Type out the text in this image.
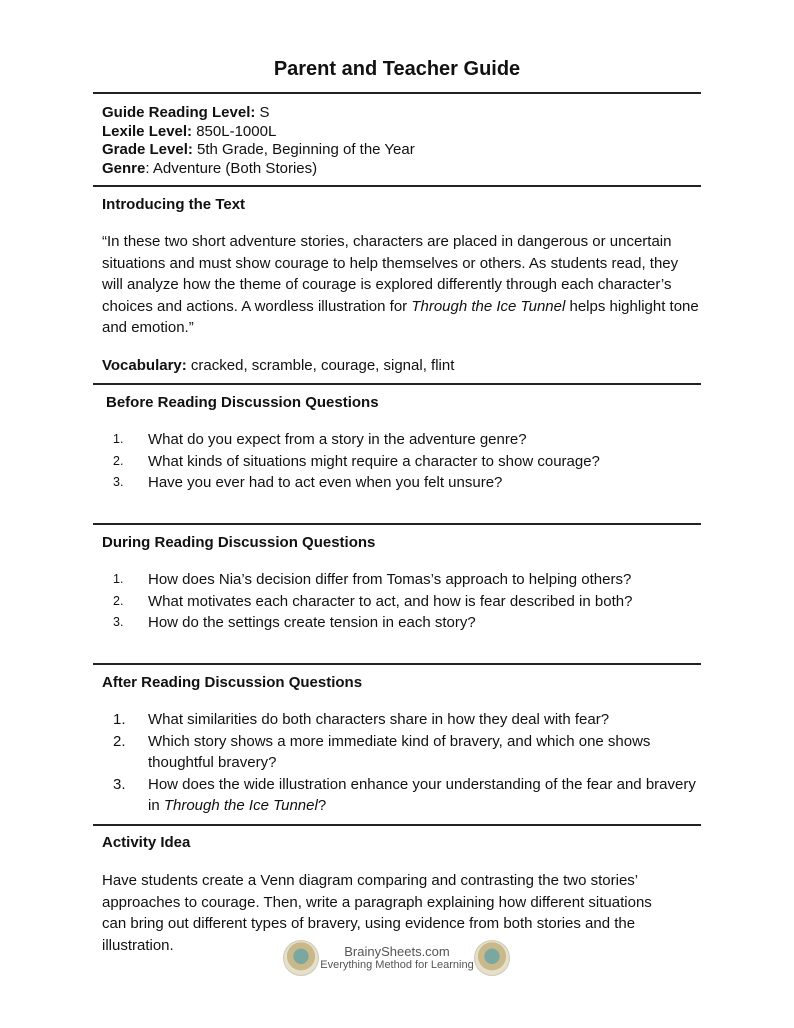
Parent and Teacher Guide
Guide Reading Level: S
Lexile Level: 850L-1000L
Grade Level: 5th Grade, Beginning of the Year
Genre: Adventure (Both Stories)
Introducing the Text
“In these two short adventure stories, characters are placed in dangerous or uncertain situations and must show courage to help themselves or others. As students read, they will analyze how the theme of courage is explored differently through each character’s choices and actions. A wordless illustration for Through the Ice Tunnel helps highlight tone and emotion.”
Vocabulary: cracked, scramble, courage, signal, flint
Before Reading Discussion Questions
1. What do you expect from a story in the adventure genre?
2. What kinds of situations might require a character to show courage?
3. Have you ever had to act even when you felt unsure?
During Reading Discussion Questions
1. How does Nia’s decision differ from Tomas’s approach to helping others?
2. What motivates each character to act, and how is fear described in both?
3. How do the settings create tension in each story?
After Reading Discussion Questions
1. What similarities do both characters share in how they deal with fear?
2. Which story shows a more immediate kind of bravery, and which one shows thoughtful bravery?
3. How does the wide illustration enhance your understanding of the fear and bravery in Through the Ice Tunnel?
Activity Idea
Have students create a Venn diagram comparing and contrasting the two stories’ approaches to courage. Then, write a paragraph explaining how different situations can bring out different types of bravery, using evidence from both stories and the illustration.	BrainySheets.com
Everything Method for Learning
